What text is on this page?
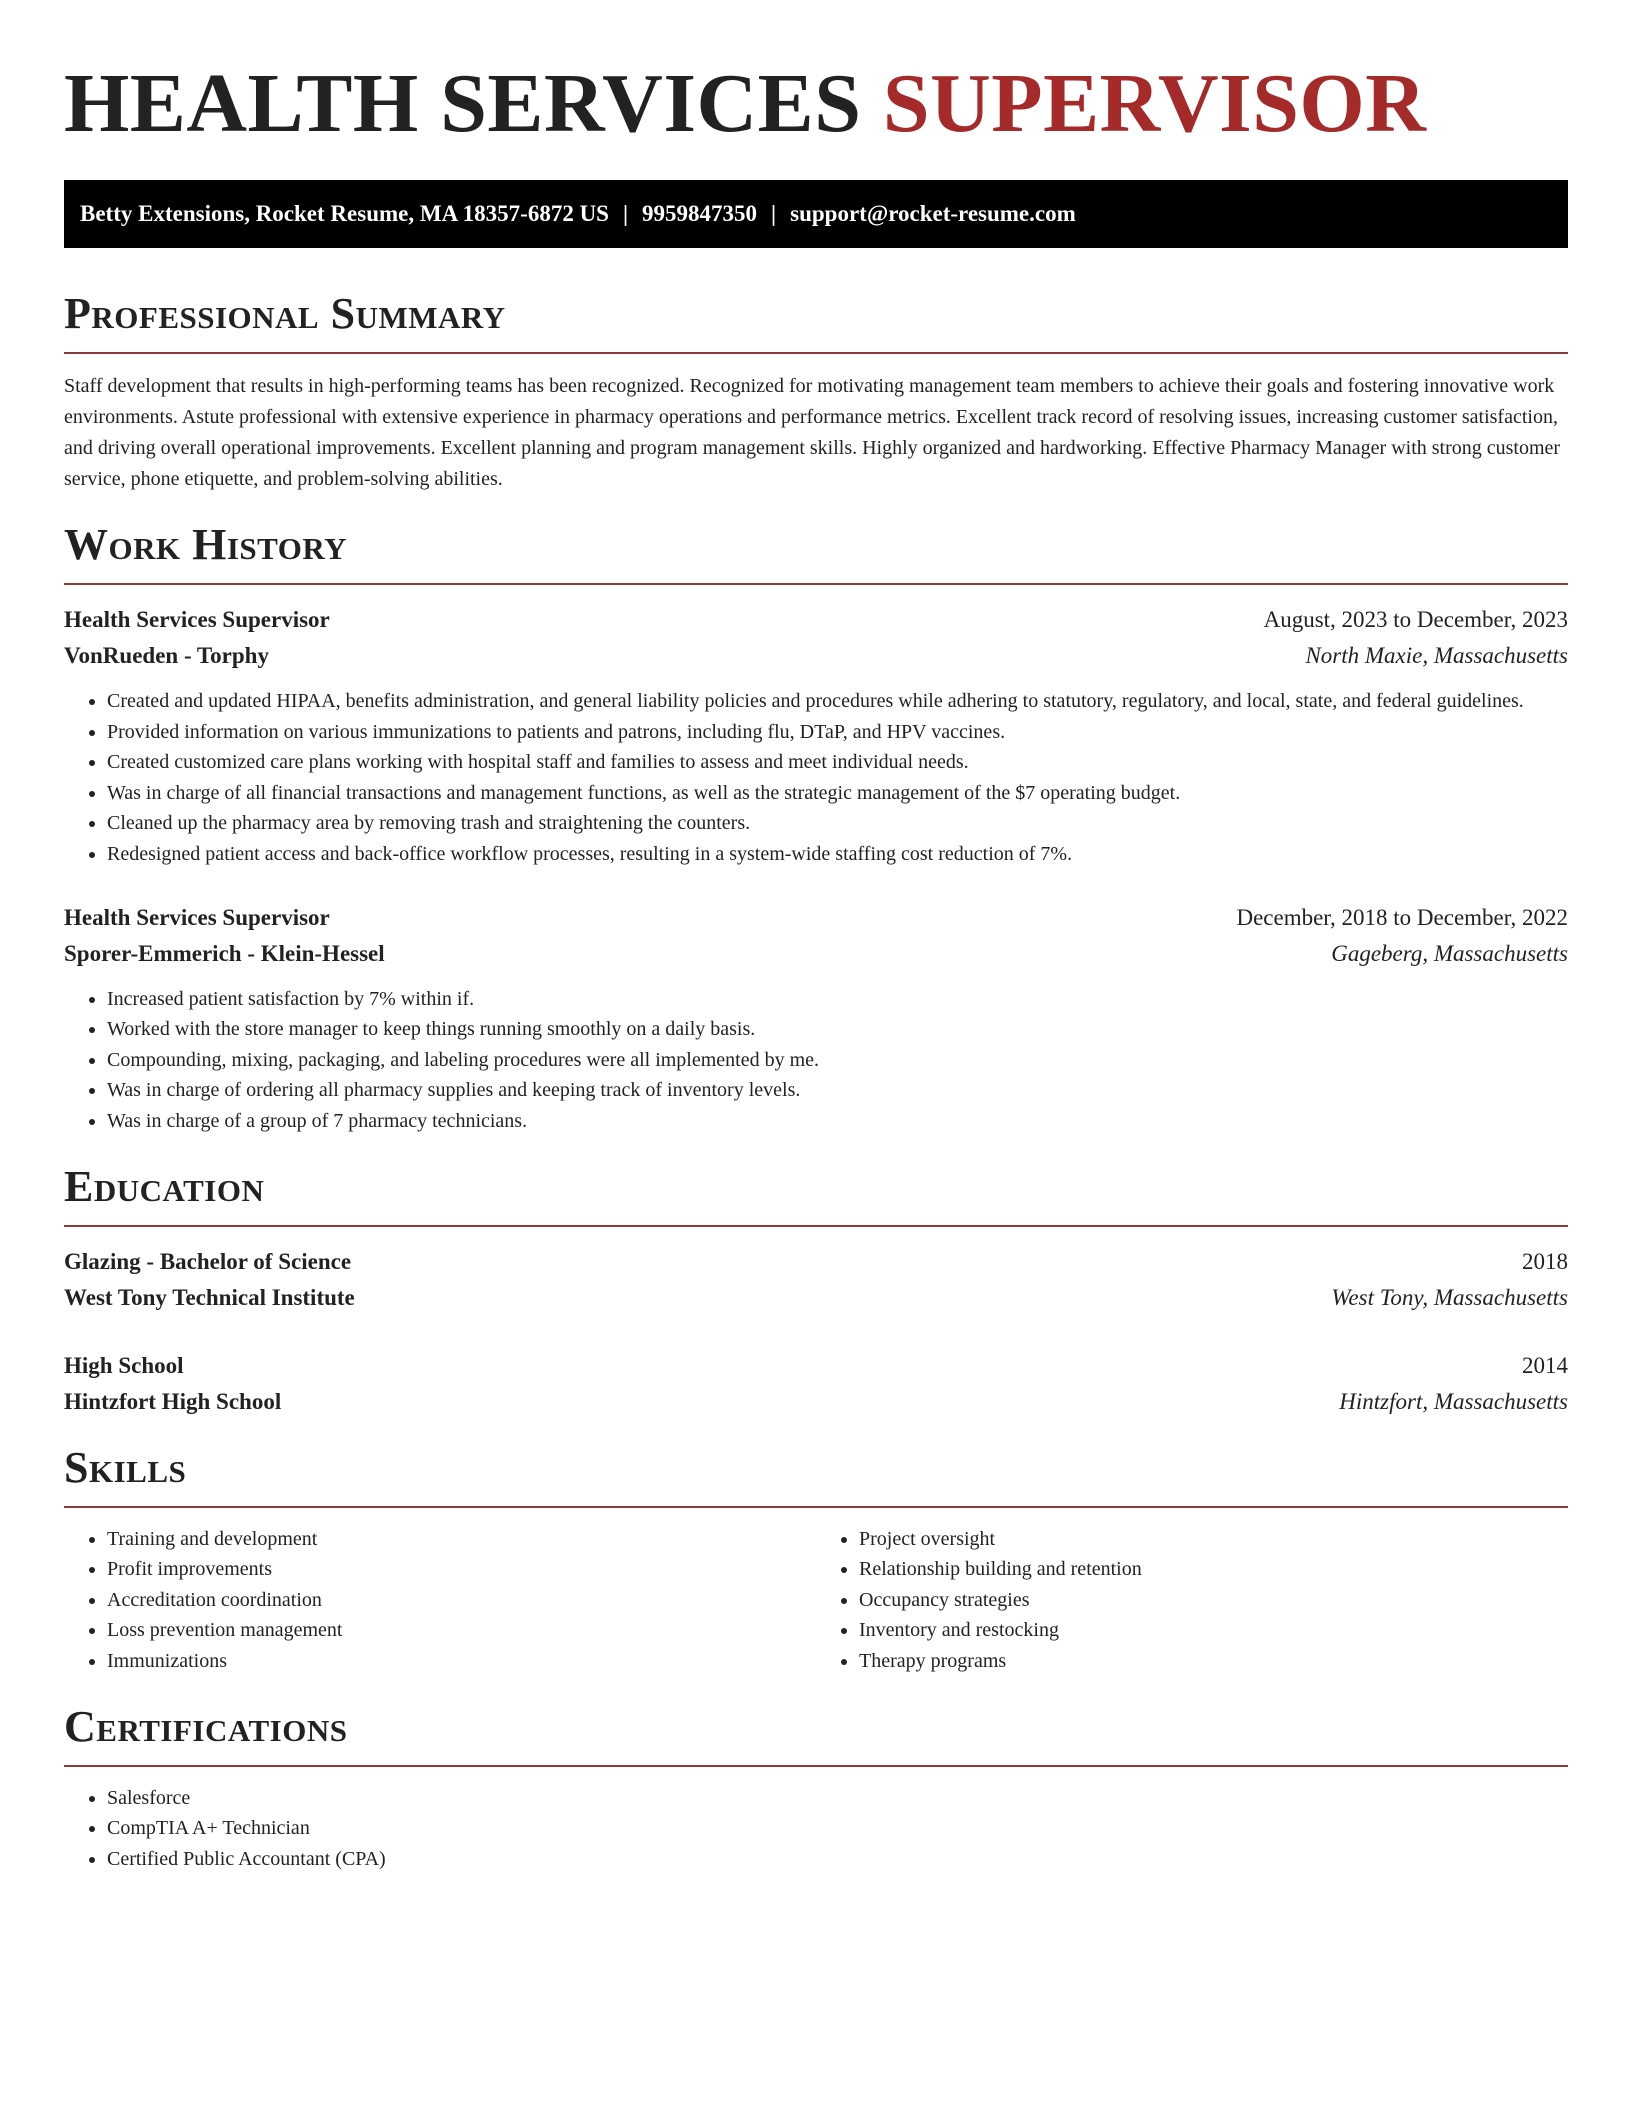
HEALTH SERVICES SUPERVISOR
Betty Extensions, Rocket Resume, MA 18357-6872 US | 9959847350 | support@rocket-resume.com
Professional Summary

Staff development that results in high-performing teams has been recognized. Recognized for motivating management team members to achieve their goals and fostering innovative work environments. Astute professional with extensive experience in pharmacy operations and performance metrics. Excellent track record of resolving issues, increasing customer satisfaction, and driving overall operational improvements. Excellent planning and program management skills. Highly organized and hardworking. Effective Pharmacy Manager with strong customer service, phone etiquette, and problem-solving abilities.

Work History
Health Services Supervisor	August, 2023 to December, 2023
VonRueden - Torphy	North Maxie, Massachusetts
• Created and updated HIPAA, benefits administration, and general liability policies and procedures while adhering to statutory, regulatory, and local, state, and federal guidelines.
• Provided information on various immunizations to patients and patrons, including flu, DTaP, and HPV vaccines.
• Created customized care plans working with hospital staff and families to assess and meet individual needs.
• Was in charge of all financial transactions and management functions, as well as the strategic management of the $7 operating budget.
• Cleaned up the pharmacy area by removing trash and straightening the counters.
• Redesigned patient access and back-office workflow processes, resulting in a system-wide staffing cost reduction of 7%.
Health Services Supervisor	December, 2018 to December, 2022
Sporer-Emmerich - Klein-Hessel	Gageberg, Massachusetts
• Increased patient satisfaction by 7% within if.
• Worked with the store manager to keep things running smoothly on a daily basis.
• Compounding, mixing, packaging, and labeling procedures were all implemented by me.
• Was in charge of ordering all pharmacy supplies and keeping track of inventory levels.
• Was in charge of a group of 7 pharmacy technicians.
Education
Glazing - Bachelor of Science	2018
West Tony Technical Institute	West Tony, Massachusetts
High School	2014
Hintzfort High School	Hintzfort, Massachusetts
Skills
• Training and development
• Profit improvements
• Accreditation coordination
• Loss prevention management
• Immunizations
• Project oversight
• Relationship building and retention
• Occupancy strategies
• Inventory and restocking
• Therapy programs
Certifications
• Salesforce
• CompTIA A+ Technician
• Certified Public Accountant (CPA)
